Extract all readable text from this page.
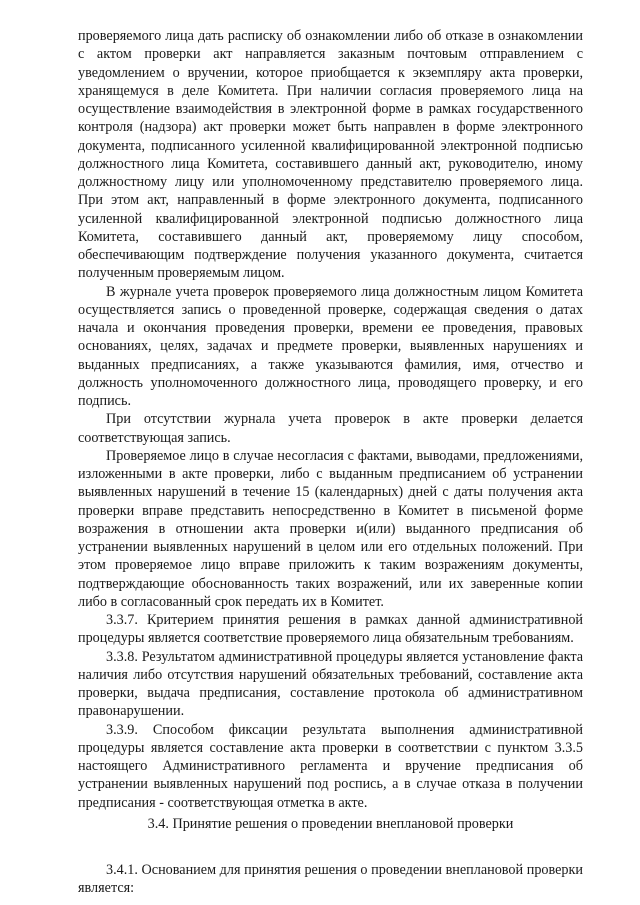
проверяемого лица дать расписку об ознакомлении либо об отказе в ознакомлении с актом проверки акт направляется заказным почтовым отправлением с уведомлением о вручении, которое приобщается к экземпляру акта проверки, хранящемуся в деле Комитета. При наличии согласия проверяемого лица на осуществление взаимодействия в электронной форме в рамках государственного контроля (надзора) акт проверки может быть направлен в форме электронного документа, подписанного усиленной квалифицированной электронной подписью должностного лица Комитета, составившего данный акт, руководителю, иному должностному лицу или уполномоченному представителю проверяемого лица. При этом акт, направленный в форме электронного документа, подписанного усиленной квалифицированной электронной подписью должностного лица Комитета, составившего данный акт, проверяемому лицу способом, обеспечивающим подтверждение получения указанного документа, считается полученным проверяемым лицом.

В журнале учета проверок проверяемого лица должностным лицом Комитета осуществляется запись о проведенной проверке, содержащая сведения о датах начала и окончания проведения проверки, времени ее проведения, правовых основаниях, целях, задачах и предмете проверки, выявленных нарушениях и выданных предписаниях, а также указываются фамилия, имя, отчество и должность уполномоченного должностного лица, проводящего проверку, и его подпись.

При отсутствии журнала учета проверок в акте проверки делается соответствующая запись.

Проверяемое лицо в случае несогласия с фактами, выводами, предложениями, изложенными в акте проверки, либо с выданным предписанием об устранении выявленных нарушений в течение 15 (календарных) дней с даты получения акта проверки вправе представить непосредственно в Комитет в письменой форме возражения в отношении акта проверки и(или) выданного предписания об устранении выявленных нарушений в целом или его отдельных положений. При этом проверяемое лицо вправе приложить к таким возражениям документы, подтверждающие обоснованность таких возражений, или их заверенные копии либо в согласованный срок передать их в Комитет.

3.3.7. Критерием принятия решения в рамках данной административной процедуры является соответствие проверяемого лица обязательным требованиям.

3.3.8. Результатом административной процедуры является установление факта наличия либо отсутствия нарушений обязательных требований, составление акта проверки, выдача предписания, составление протокола об административном правонарушении.

3.3.9. Способом фиксации результата выполнения административной процедуры является составление акта проверки в соответствии с пунктом 3.3.5 настоящего Административного регламента и вручение предписания об устранении выявленных нарушений под роспись, а в случае отказа в получении предписания - соответствующая отметка в акте.

3.4. Принятие решения о проведении внеплановой проверки

3.4.1. Основанием для принятия решения о проведении внеплановой проверки является:
